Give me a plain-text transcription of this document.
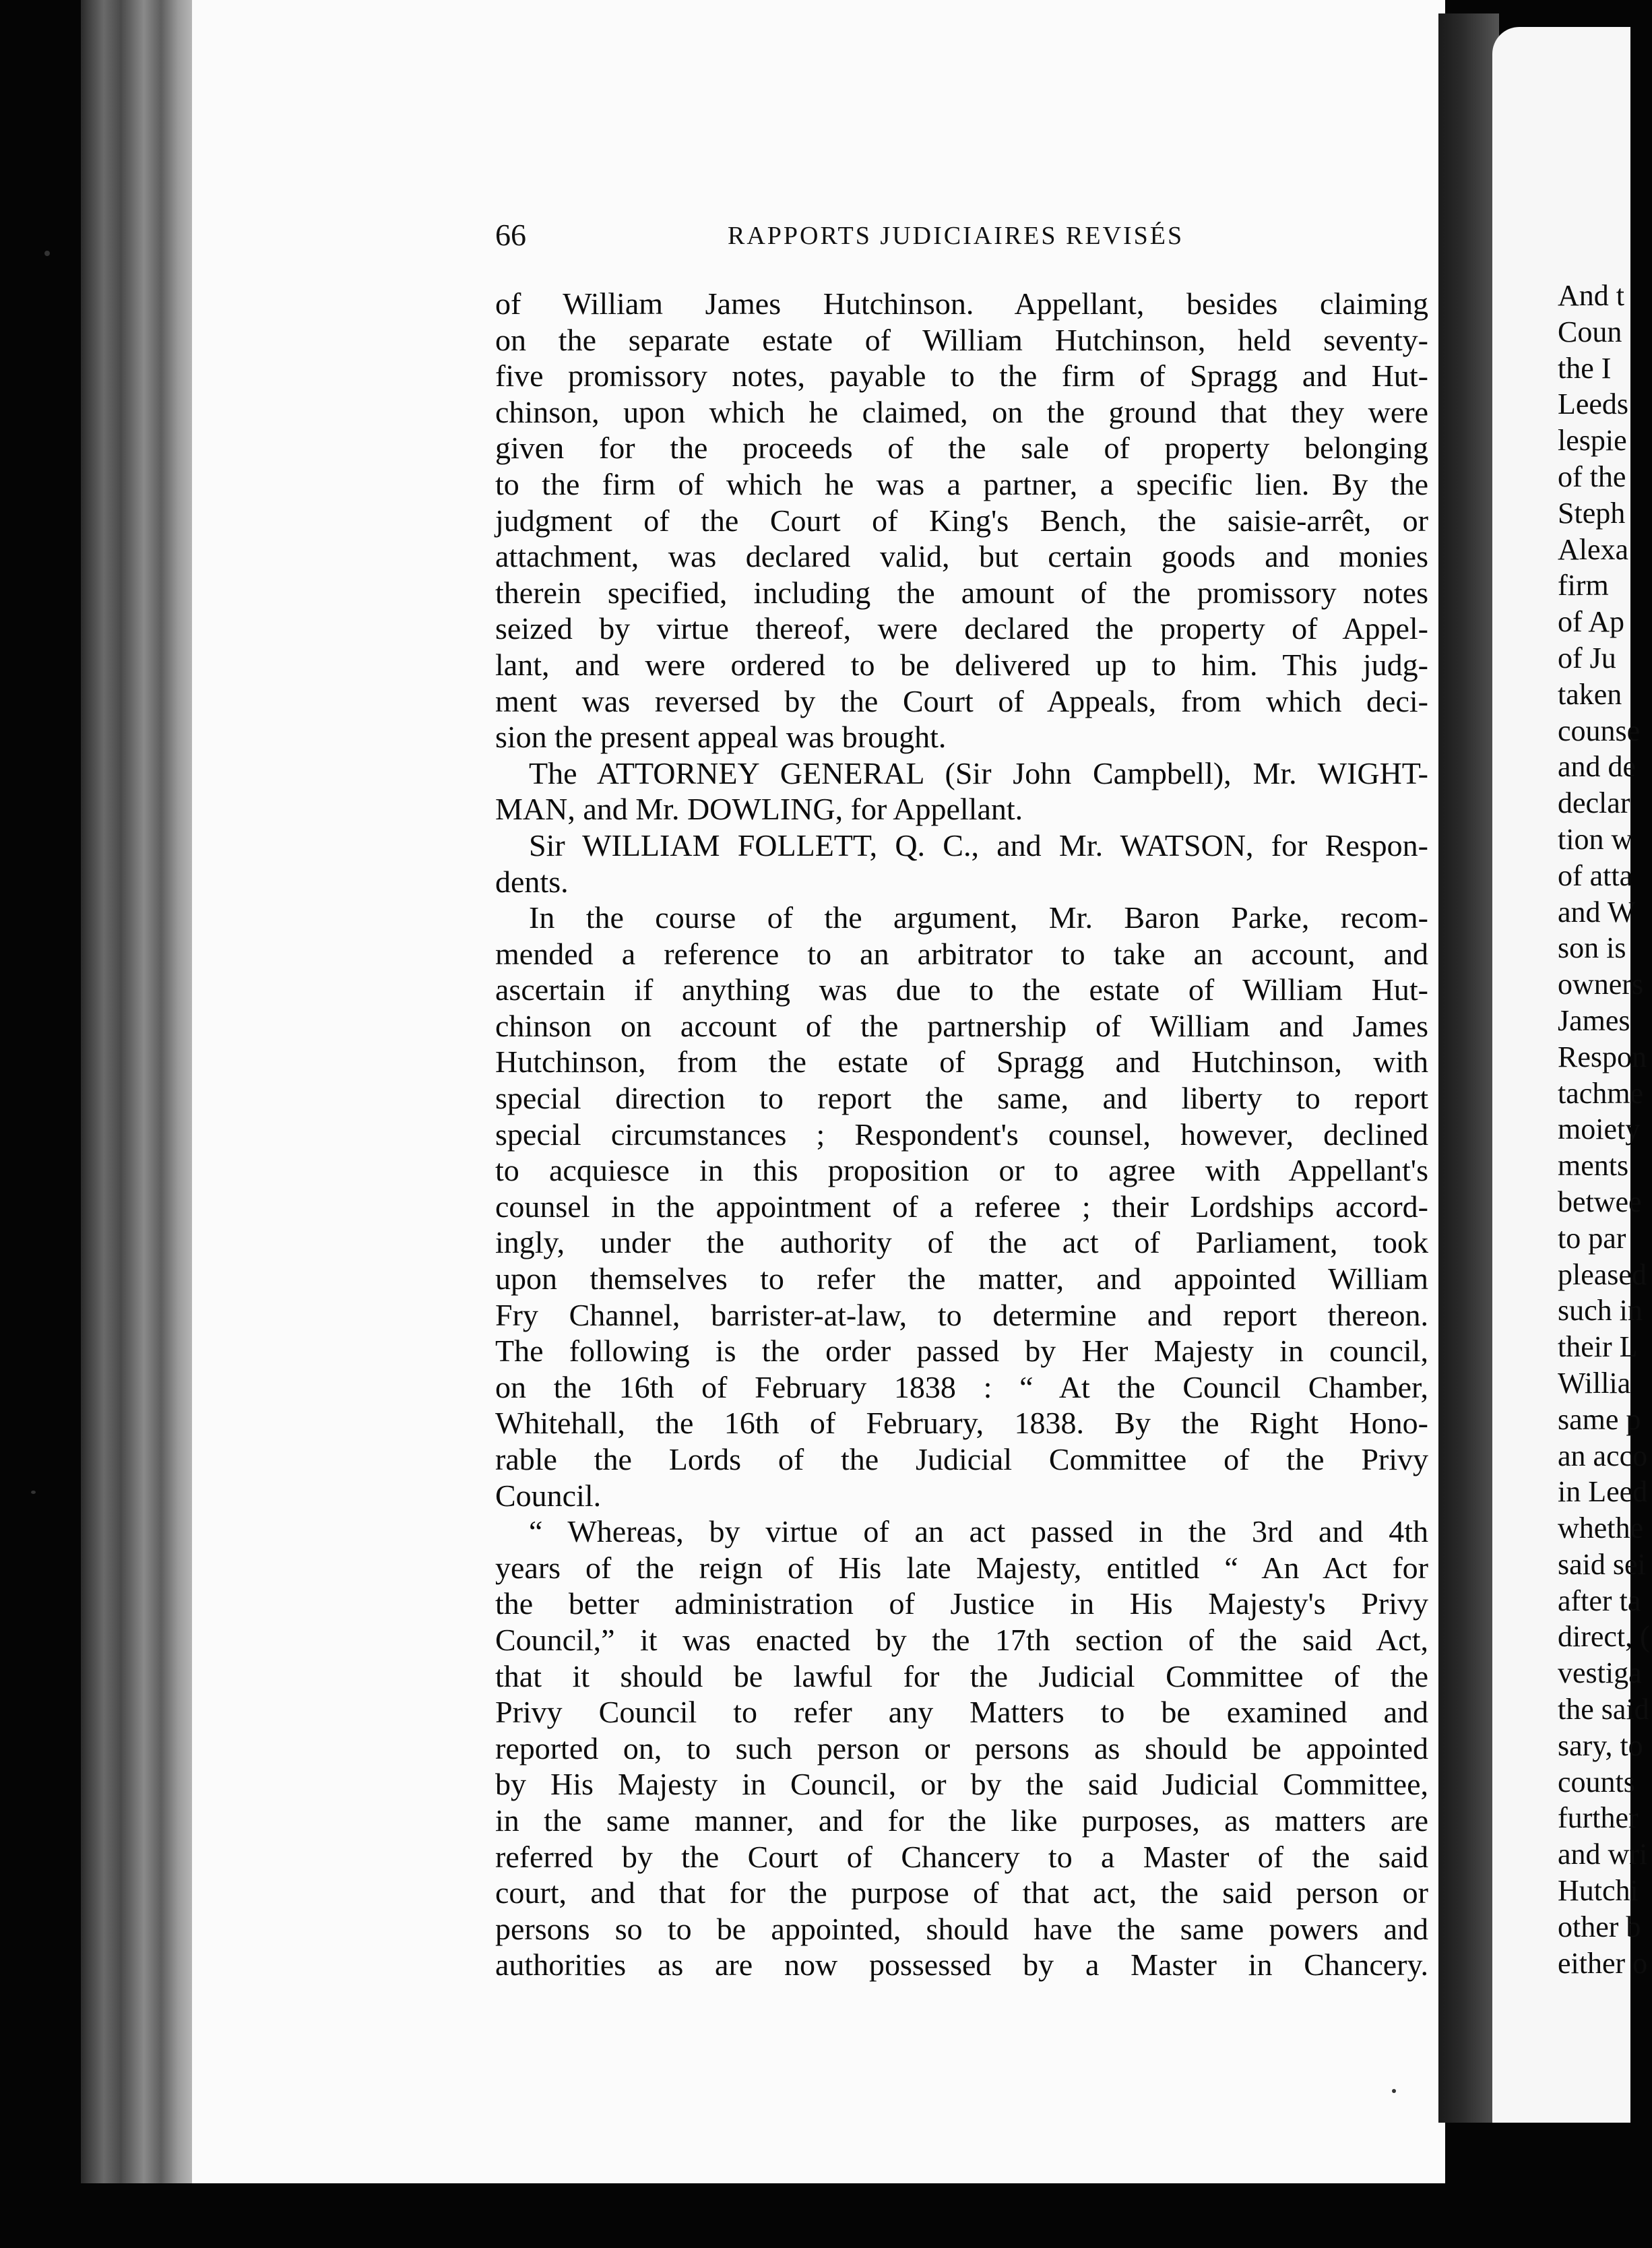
66	RAPPORTS JUDICIAIRES REVISÉS
of William James Hutchinson. Appellant, besides claiming
on the separate estate of William Hutchinson, held seventy-
five promissory notes, payable to the firm of Spragg and Hut-
chinson, upon which he claimed, on the ground that they were
given for the proceeds of the sale of property belonging
to the firm of which he was a partner, a specific lien. By the
judgment of the Court of King's Bench, the saisie-arrêt, or
attachment, was declared valid, but certain goods and monies
therein specified, including the amount of the promissory notes
seized by virtue thereof, were declared the property of Appel-
lant, and were ordered to be delivered up to him. This judg-
ment was reversed by the Court of Appeals, from which deci-
sion the present appeal was brought.
The ATTORNEY GENERAL (Sir John Campbell), Mr. WIGHT-
MAN, and Mr. DOWLING, for Appellant.
Sir WILLIAM FOLLETT, Q. C., and Mr. WATSON, for Respon-
dents.
In the course of the argument, Mr. Baron Parke, recom-
mended a reference to an arbitrator to take an account, and
ascertain if anything was due to the estate of William Hut-
chinson on account of the partnership of William and James
Hutchinson, from the estate of Spragg and Hutchinson, with
special direction to report the same, and liberty to report
special circumstances ; Respondent's counsel, however, declined
to acquiesce in this proposition or to agree with Appellant's
counsel in the appointment of a referee ; their Lordships accord-
ingly, under the authority of the act of Parliament, took
upon themselves to refer the matter, and appointed William
Fry Channel, barrister-at-law, to determine and report thereon.
The following is the order passed by Her Majesty in council,
on the 16th of February 1838 : “ At the Council Chamber,
Whitehall, the 16th of February, 1838. By the Right Hono-
rable the Lords of the Judicial Committee of the Privy
Council.
“ Whereas, by virtue of an act passed in the 3rd and 4th
years of the reign of His late Majesty, entitled “ An Act for
the better administration of Justice in His Majesty's Privy
Council,” it was enacted by the 17th section of the said Act,
that it should be lawful for the Judicial Committee of the
Privy Council to refer any Matters to be examined and
reported on, to such person or persons as should be appointed
by His Majesty in Council, or by the said Judicial Committee,
in the same manner, and for the like purposes, as matters are
referred by the Court of Chancery to a Master of the said
court, and that for the purpose of that act, the said person or
persons so to be appointed, should have the same powers and
authorities as are now possessed by a Master in Chancery.
And t
Coun
the I
Leeds
lespie
of the
Steph
Alexa
firm
of Ap
of Ju
taken
counse
and de
declar
tion w
of atta
and W
son is
owners
James
Respon
tachme
moiety
ments
betwee
to par
pleased
such in
their L
Willia
same p
an acco
in Leed
whethe
said sei
after ta
direct, (
vestiga
the said
sary, to
counts
further
and wri
Hutchi
other b
either o
